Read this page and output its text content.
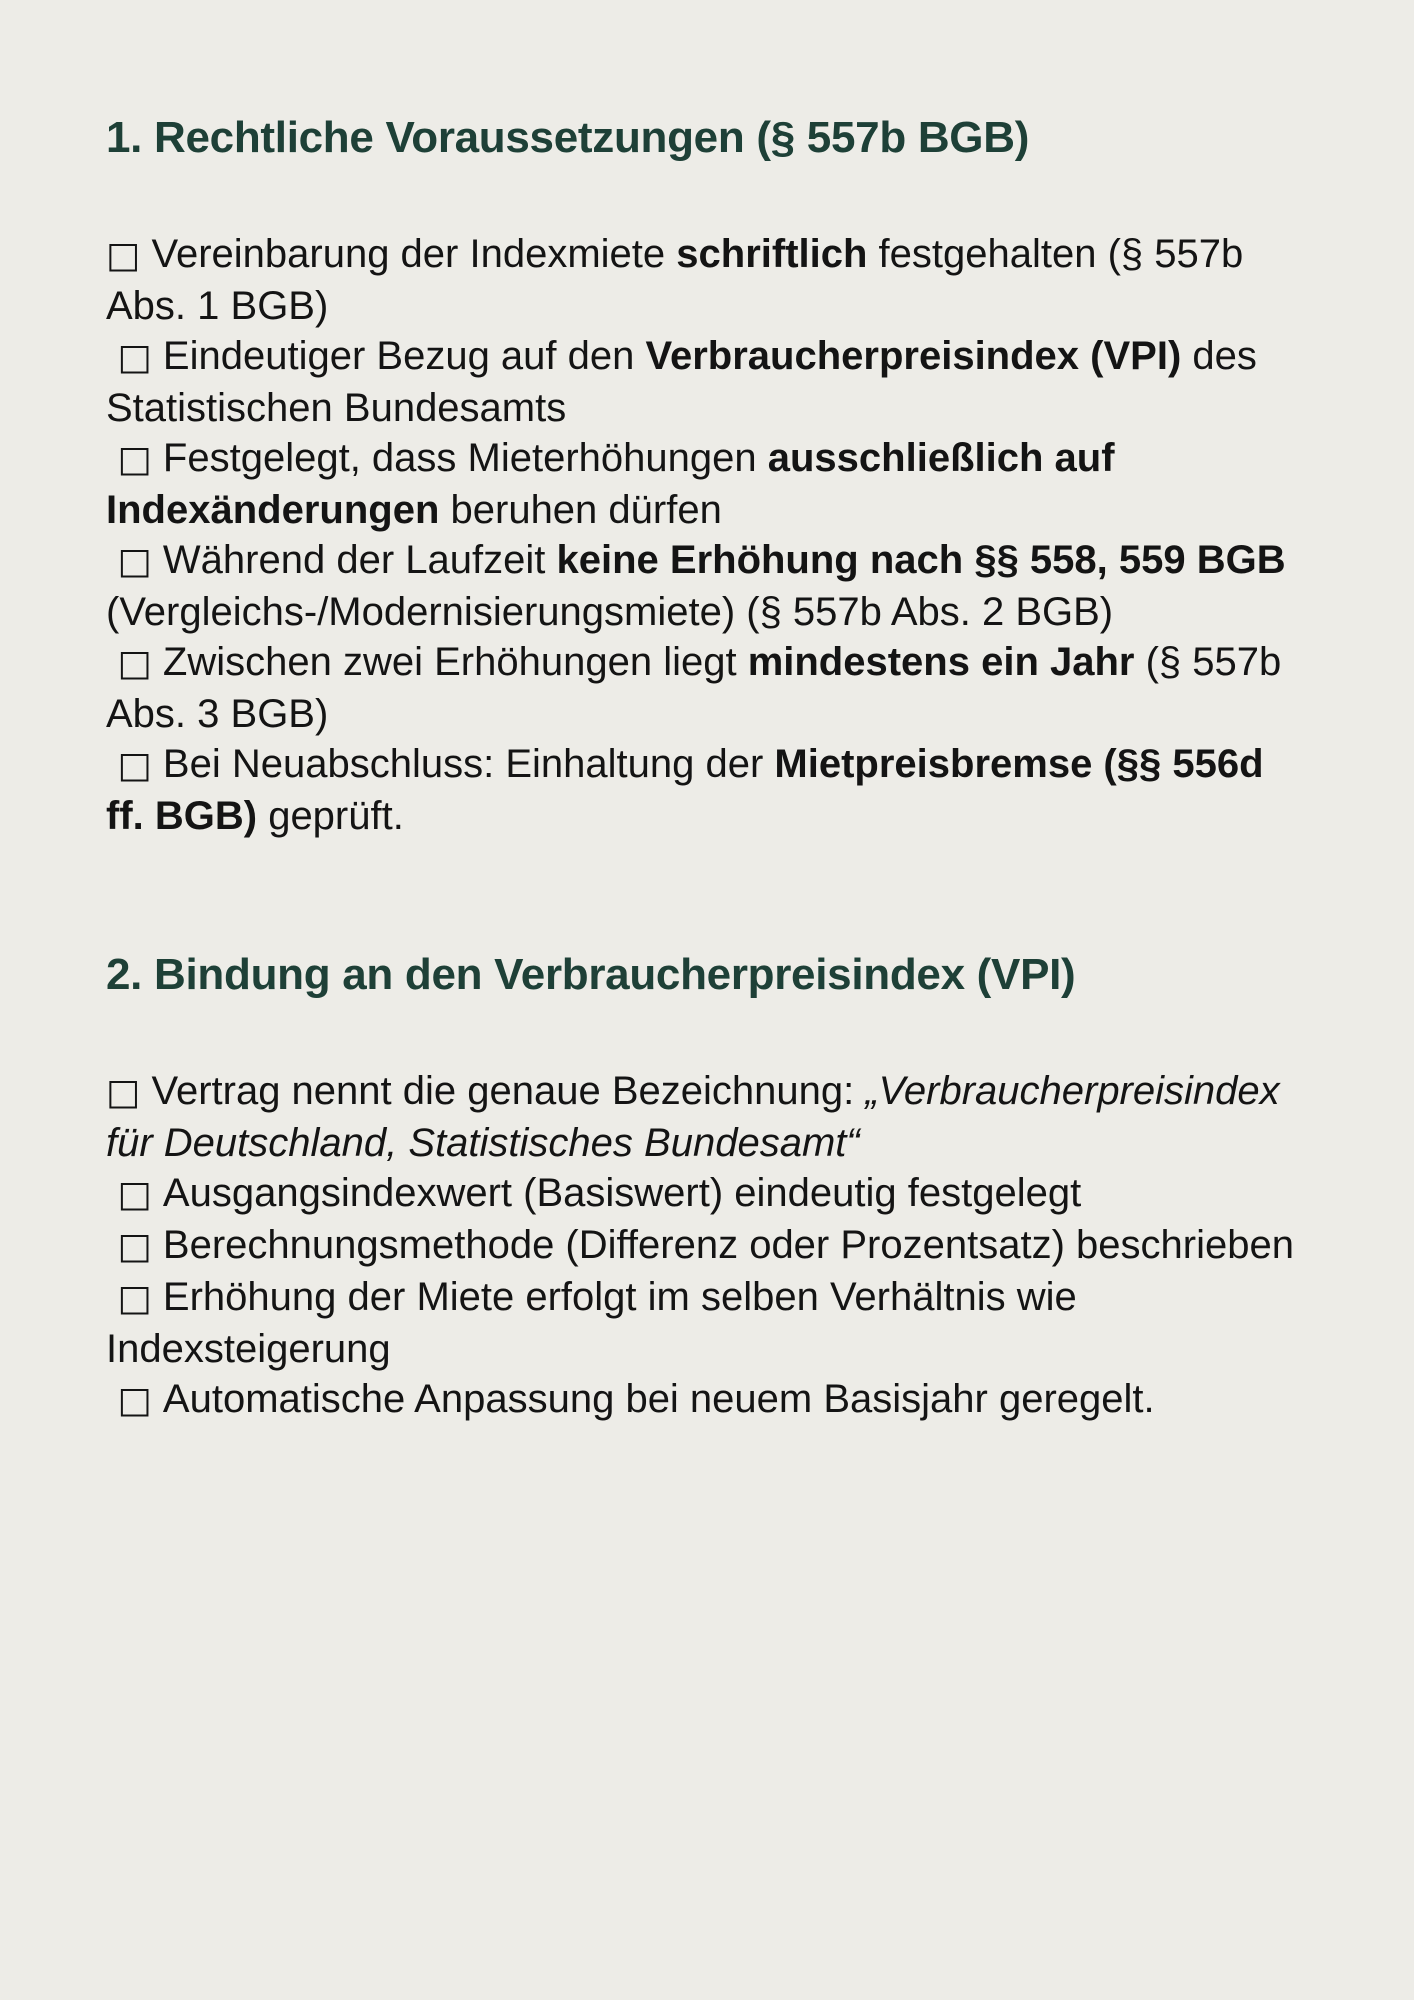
1. Rechtliche Voraussetzungen (§ 557b BGB)

□ Vereinbarung der Indexmiete schriftlich festgehalten (§ 557b Abs. 1 BGB)

□ Eindeutiger Bezug auf den Verbraucherpreisindex (VPI) des Statistischen Bundesamts

□ Festgelegt, dass Mieterhöhungen ausschließlich auf Indexänderungen beruhen dürfen

□ Während der Laufzeit keine Erhöhung nach §§ 558, 559 BGB (Vergleichs-/Modernisierungsmiete) (§ 557b Abs. 2 BGB)

□ Zwischen zwei Erhöhungen liegt mindestens ein Jahr (§ 557b Abs. 3 BGB)

□ Bei Neuabschluss: Einhaltung der Mietpreisbremse (§§ 556d ff. BGB) geprüft.

2. Bindung an den Verbraucherpreisindex (VPI)

□ Vertrag nennt die genaue Bezeichnung: „Verbraucherpreisindex für Deutschland, Statistisches Bundesamt“

□ Ausgangsindexwert (Basiswert) eindeutig festgelegt

□ Berechnungsmethode (Differenz oder Prozentsatz) beschrieben

□ Erhöhung der Miete erfolgt im selben Verhältnis wie Indexsteigerung

□ Automatische Anpassung bei neuem Basisjahr geregelt.
